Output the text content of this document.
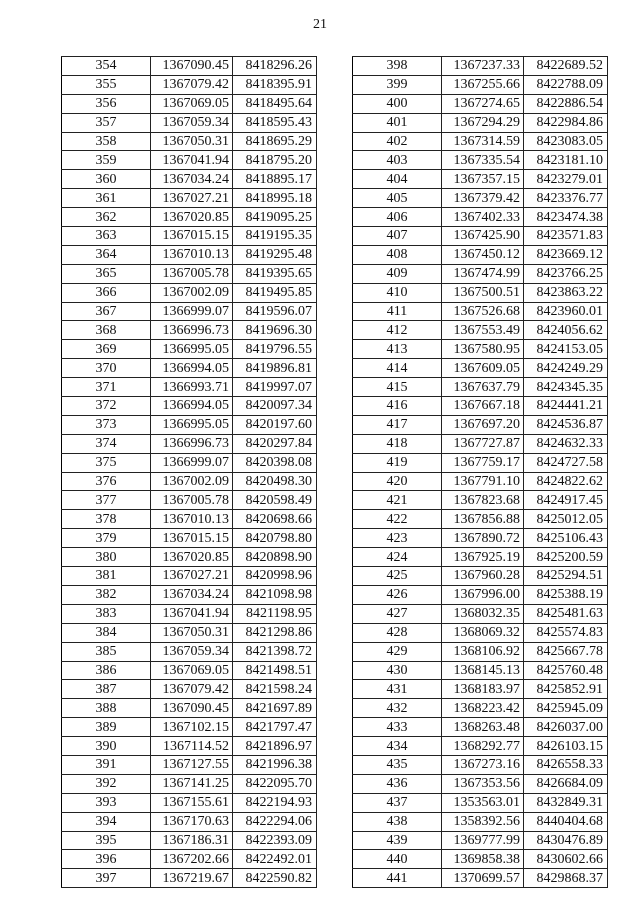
21
354	1367090.45	8418296.26
355	1367079.42	8418395.91
356	1367069.05	8418495.64
357	1367059.34	8418595.43
358	1367050.31	8418695.29
359	1367041.94	8418795.20
360	1367034.24	8418895.17
361	1367027.21	8418995.18
362	1367020.85	8419095.25
363	1367015.15	8419195.35
364	1367010.13	8419295.48
365	1367005.78	8419395.65
366	1367002.09	8419495.85
367	1366999.07	8419596.07
368	1366996.73	8419696.30
369	1366995.05	8419796.55
370	1366994.05	8419896.81
371	1366993.71	8419997.07
372	1366994.05	8420097.34
373	1366995.05	8420197.60
374	1366996.73	8420297.84
375	1366999.07	8420398.08
376	1367002.09	8420498.30
377	1367005.78	8420598.49
378	1367010.13	8420698.66
379	1367015.15	8420798.80
380	1367020.85	8420898.90
381	1367027.21	8420998.96
382	1367034.24	8421098.98
383	1367041.94	8421198.95
384	1367050.31	8421298.86
385	1367059.34	8421398.72
386	1367069.05	8421498.51
387	1367079.42	8421598.24
388	1367090.45	8421697.89
389	1367102.15	8421797.47
390	1367114.52	8421896.97
391	1367127.55	8421996.38
392	1367141.25	8422095.70
393	1367155.61	8422194.93
394	1367170.63	8422294.06
395	1367186.31	8422393.09
396	1367202.66	8422492.01
397	1367219.67	8422590.82
398	1367237.33	8422689.52
399	1367255.66	8422788.09
400	1367274.65	8422886.54
401	1367294.29	8422984.86
402	1367314.59	8423083.05
403	1367335.54	8423181.10
404	1367357.15	8423279.01
405	1367379.42	8423376.77
406	1367402.33	8423474.38
407	1367425.90	8423571.83
408	1367450.12	8423669.12
409	1367474.99	8423766.25
410	1367500.51	8423863.22
411	1367526.68	8423960.01
412	1367553.49	8424056.62
413	1367580.95	8424153.05
414	1367609.05	8424249.29
415	1367637.79	8424345.35
416	1367667.18	8424441.21
417	1367697.20	8424536.87
418	1367727.87	8424632.33
419	1367759.17	8424727.58
420	1367791.10	8424822.62
421	1367823.68	8424917.45
422	1367856.88	8425012.05
423	1367890.72	8425106.43
424	1367925.19	8425200.59
425	1367960.28	8425294.51
426	1367996.00	8425388.19
427	1368032.35	8425481.63
428	1368069.32	8425574.83
429	1368106.92	8425667.78
430	1368145.13	8425760.48
431	1368183.97	8425852.91
432	1368223.42	8425945.09
433	1368263.48	8426037.00
434	1368292.77	8426103.15
435	1367273.16	8426558.33
436	1367353.56	8426684.09
437	1353563.01	8432849.31
438	1358392.56	8440404.68
439	1369777.99	8430476.89
440	1369858.38	8430602.66
441	1370699.57	8429868.37
